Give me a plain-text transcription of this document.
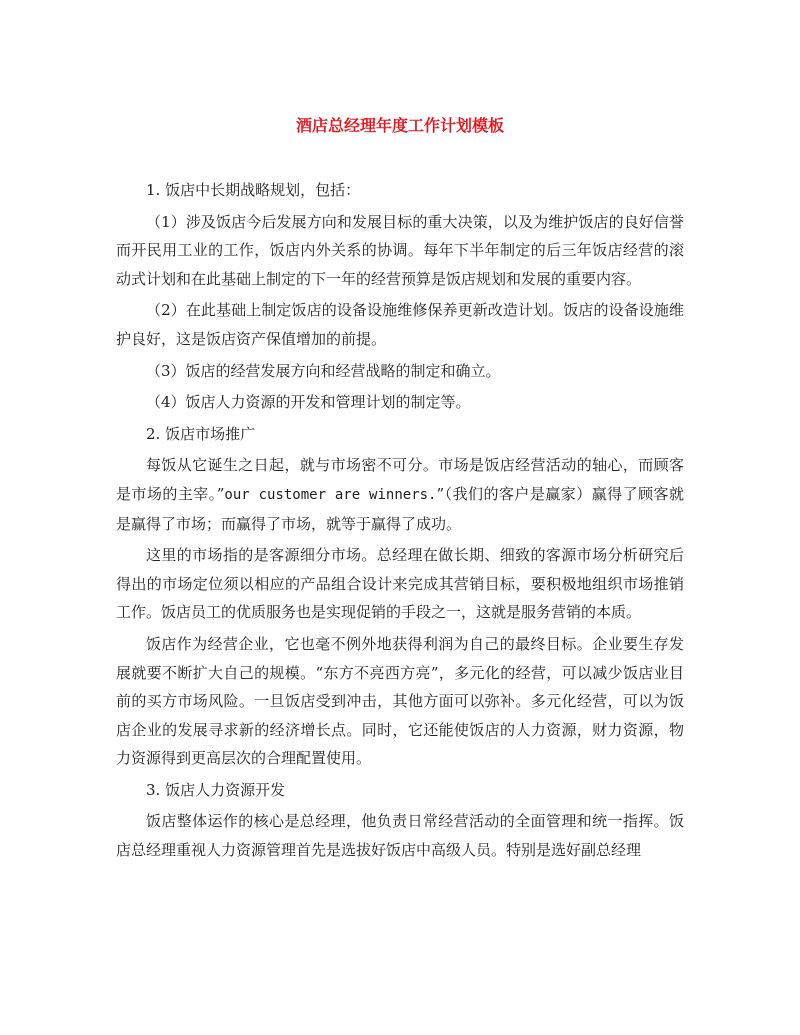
酒店总经理年度工作计划模板

1. 饭店中长期战略规划，包括：

（1）涉及饭店今后发展方向和发展目标的重大决策，以及为维护饭店的良好信誉而开民用工业的工作，饭店内外关系的协调。每年下半年制定的后三年饭店经营的滚动式计划和在此基础上制定的下一年的经营预算是饭店规划和发展的重要内容。

（2）在此基础上制定饭店的设备设施维修保养更新改造计划。饭店的设备设施维护良好，这是饭店资产保值增加的前提。

（3）饭店的经营发展方向和经营战略的制定和确立。

（4）饭店人力资源的开发和管理计划的制定等。

2. 饭店市场推广

每饭从它诞生之日起，就与市场密不可分。市场是饭店经营活动的轴心，而顾客是市场的主宰。”our customer are winners.”（我们的客户是赢家）赢得了顾客就是赢得了市场；而赢得了市场，就等于赢得了成功。

这里的市场指的是客源细分市场。总经理在做长期、细致的客源市场分析研究后得出的市场定位须以相应的产品组合设计来完成其营销目标，要积极地组织市场推销工作。饭店员工的优质服务也是实现促销的手段之一，这就是服务营销的本质。

饭店作为经营企业，它也毫不例外地获得利润为自己的最终目标。企业要生存发展就要不断扩大自己的规模。“东方不亮西方亮”，多元化的经营，可以减少饭店业目前的买方市场风险。一旦饭店受到冲击，其他方面可以弥补。多元化经营，可以为饭店企业的发展寻求新的经济增长点。同时，它还能使饭店的人力资源，财力资源，物力资源得到更高层次的合理配置使用。

3. 饭店人力资源开发

饭店整体运作的核心是总经理，他负责日常经营活动的全面管理和统一指挥。饭店总经理重视人力资源管理首先是选拔好饭店中高级人员。特别是选好副总经理
